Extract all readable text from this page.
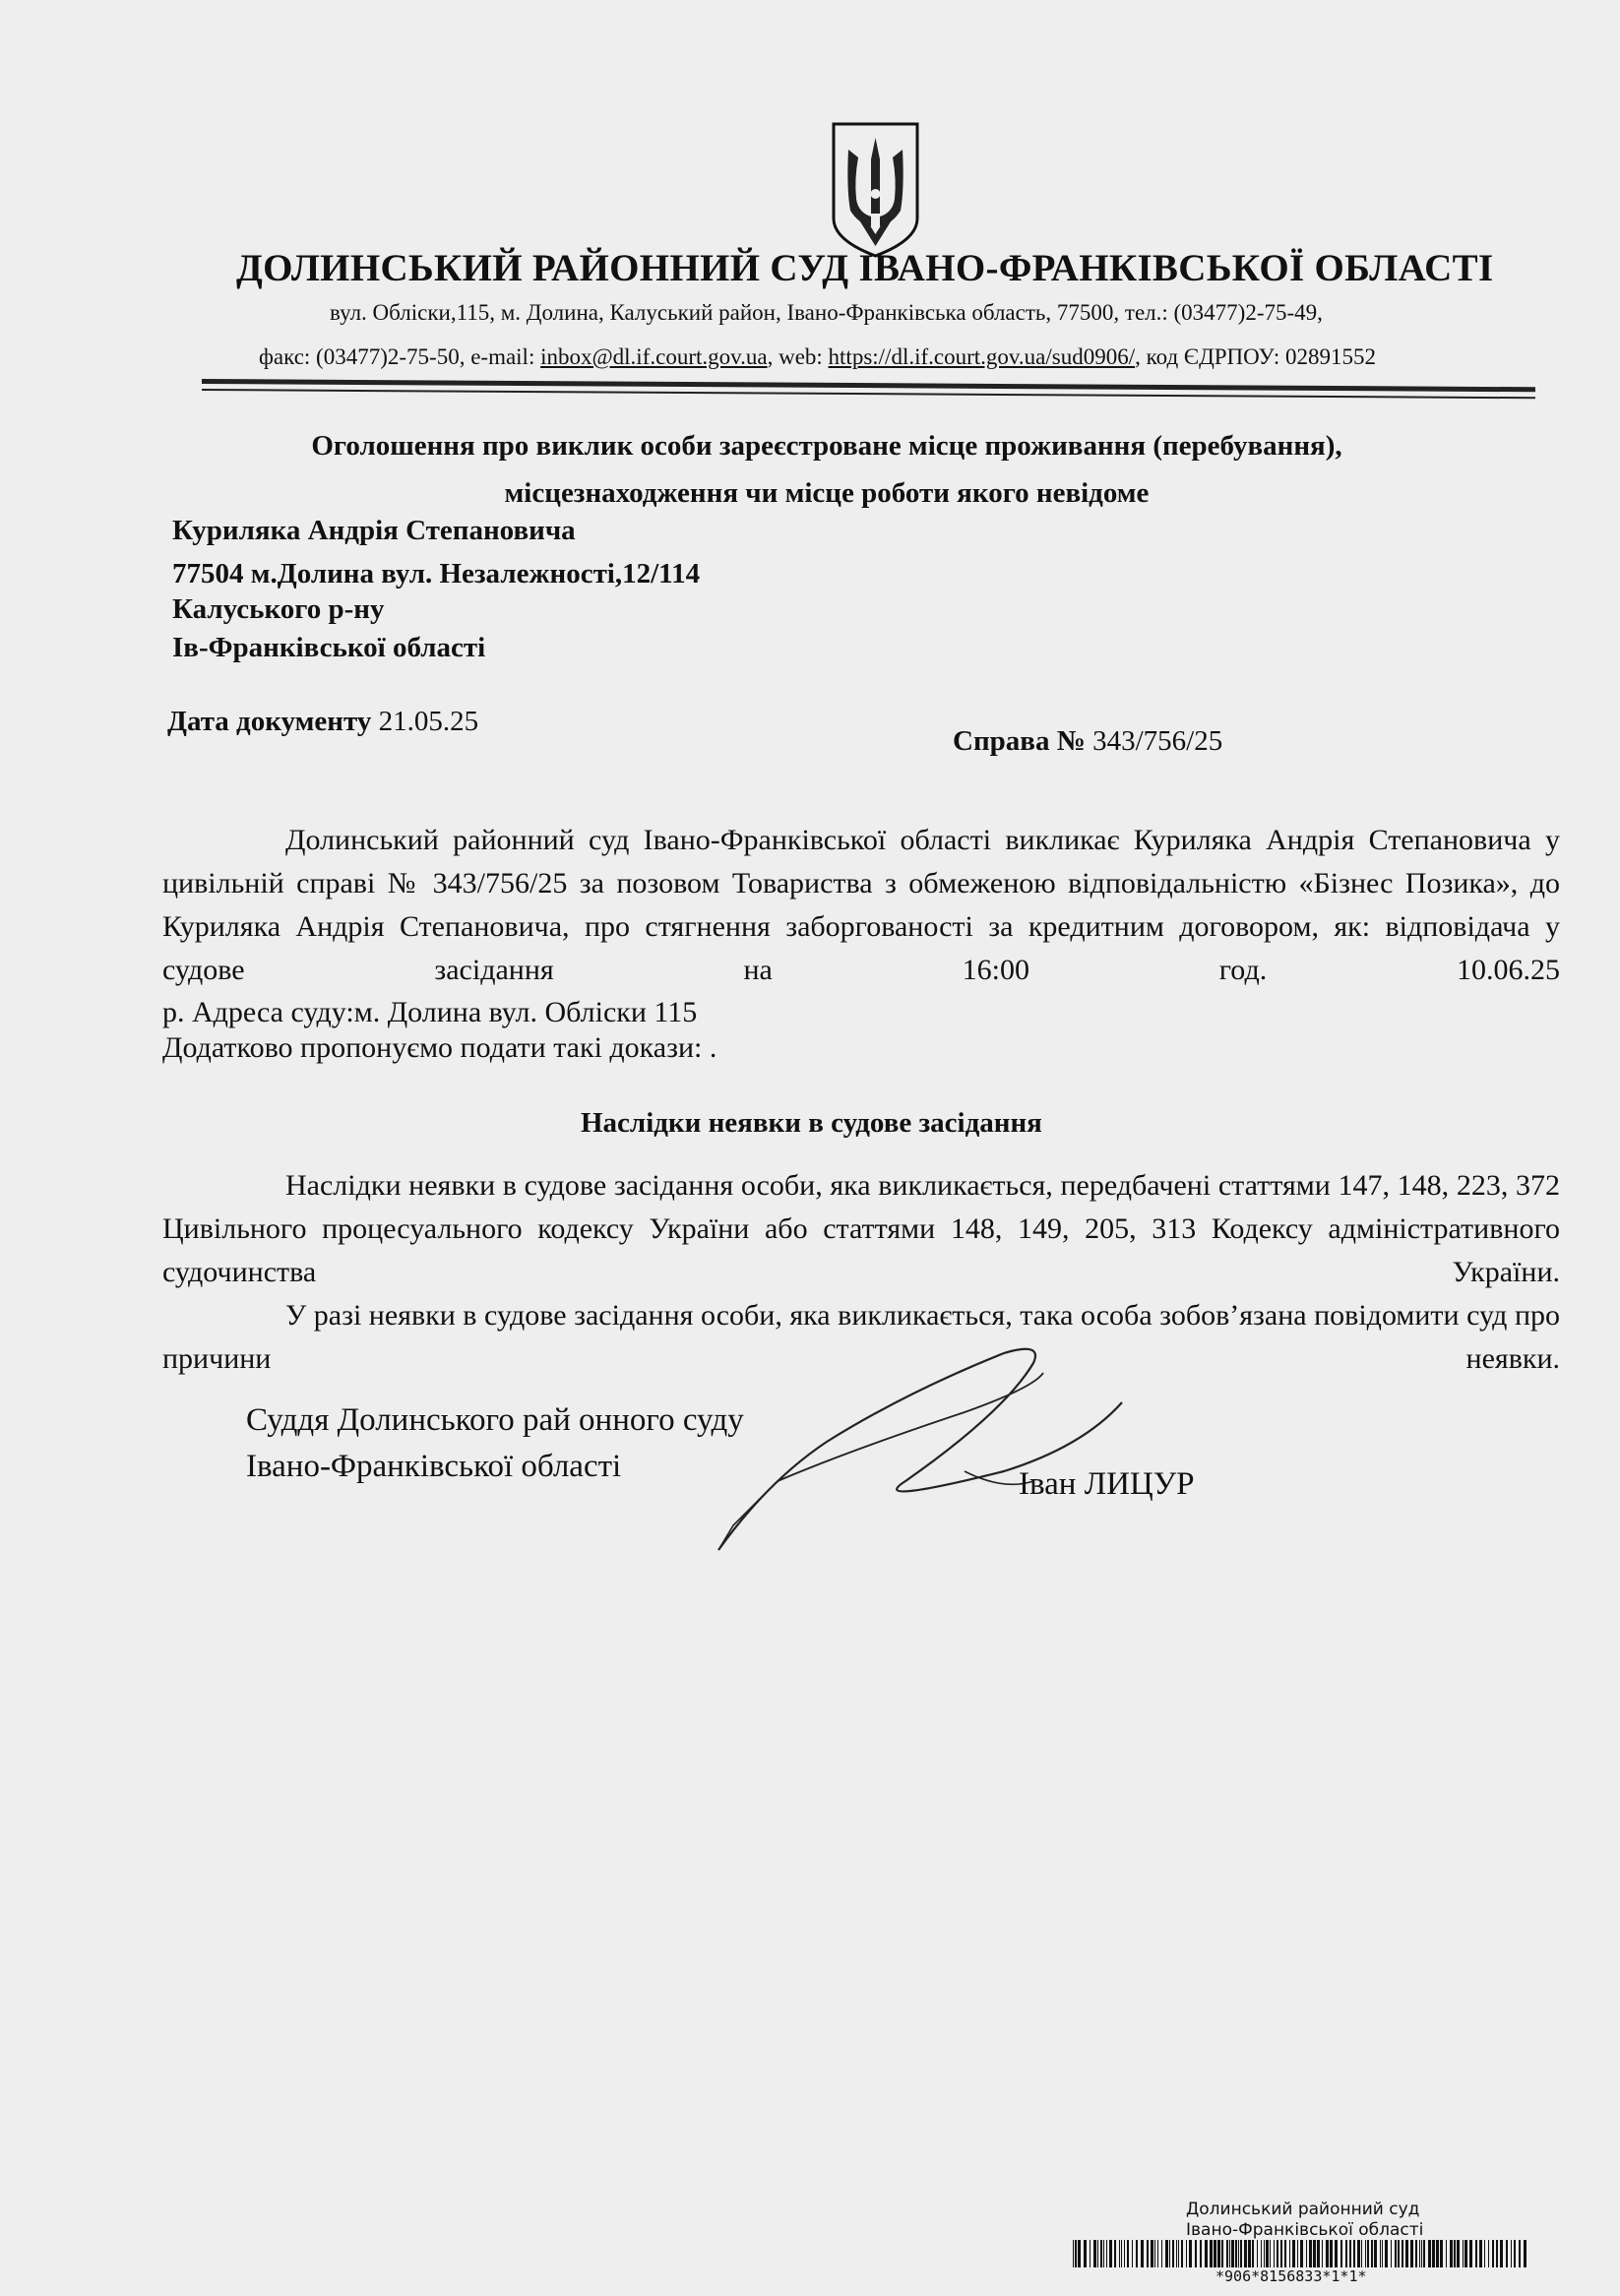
ДОЛИНСЬКИЙ РАЙОННИЙ СУД ІВАНО-ФРАНКІВСЬКОЇ ОБЛАСТІ
вул. Обліски,115, м. Долина, Калуський район, Івано-Франківська область, 77500, тел.: (03477)2-75-49,
факс: (03477)2-75-50, e-mail: inbox@dl.if.court.gov.ua, web: https://dl.if.court.gov.ua/sud0906/, код ЄДРПОУ: 02891552
Оголошення про виклик особи зареєстроване місце проживання (перебування),
місцезнаходження чи місце роботи якого невідоме
Куриляка Андрія Степановича
77504 м.Долина вул. Незалежності,12/114
Калуського р-ну
Ів-Франківської області
Дата документу 21.05.25
Справа № 343/756/25
Долинський районний суд Івано-Франківської області викликає Куриляка Андрія Степановича у цивільній справі № 343/756/25 за позовом Товариства з обмеженою відповідальністю «Бізнес Позика», до Куриляка Андрія Степановича, про стягнення заборгованості за кредитним договором, як: відповідача у судове засідання на 16:00 год. 10.06.25
р. Адреса суду:м. Долина вул. Обліски 115
Додатково пропонуємо подати такі докази: .
Наслідки неявки в судове засідання
Наслідки неявки в судове засідання особи, яка викликається, передбачені статтями 147, 148, 223, 372 Цивільного процесуального кодексу України або статтями 148, 149, 205, 313 Кодексу адміністративного судочинства України.
У разі неявки в судове засідання особи, яка викликається, така особа зобов’язана повідомити суд про причини неявки.
Суддя Долинського рай онного суду
Івано-Франківської області	Іван ЛИЦУР
Долинський районний суд
Івано-Франківської області
*906*8156833*1*1*
